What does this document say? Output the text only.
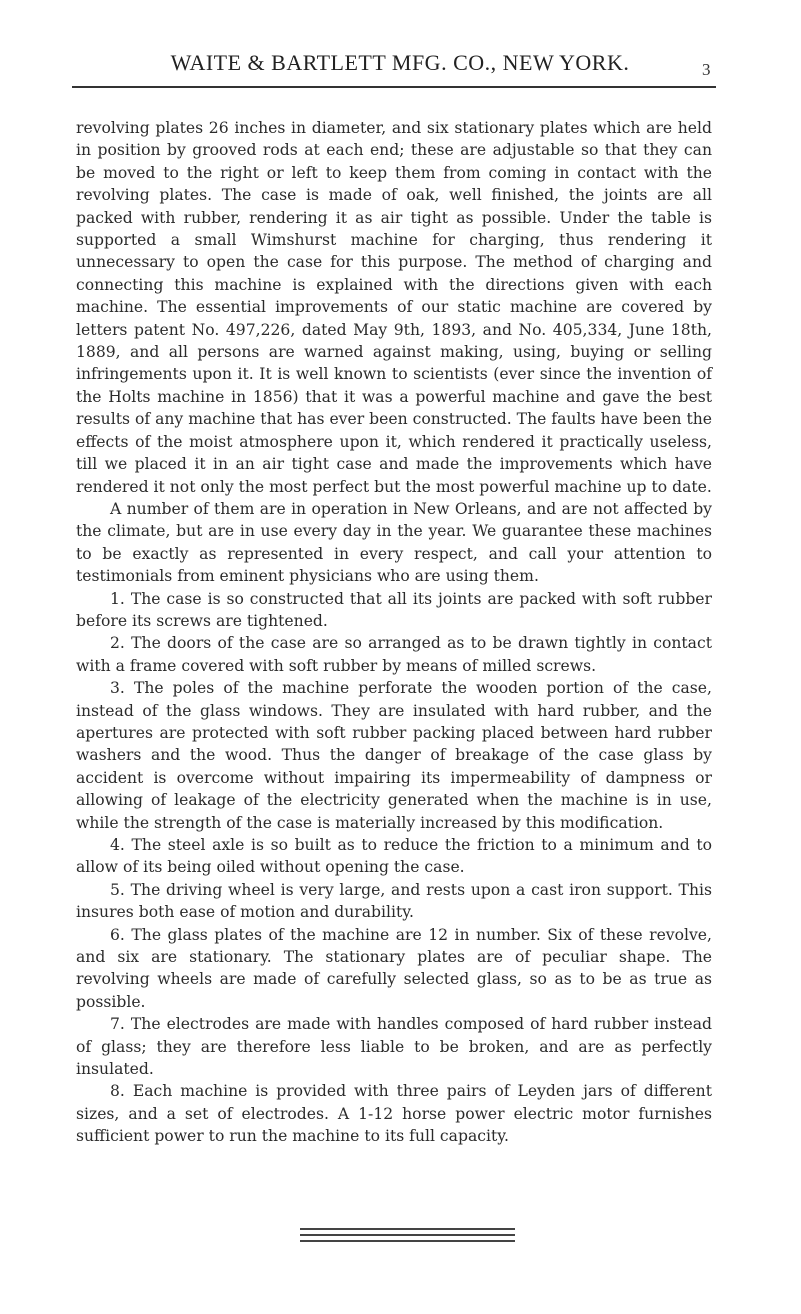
WAITE & BARTLETT MFG. CO., NEW YORK.	3

revolving plates 26 inches in diameter, and six stationary plates which are held in position by grooved rods at each end; these are adjustable so that they can be moved to the right or left to keep them from coming in contact with the revolving plates. The case is made of oak, well finished, the joints are all packed with rubber, rendering it as air tight as possible. Under the table is supported a small Wimshurst machine for charging, thus rendering it unnecessary to open the case for this purpose. The method of charging and connecting this machine is explained with the directions given with each machine. The essential improvements of our static machine are covered by letters patent No. 497,226, dated May 9th, 1893, and No. 405,334, June 18th, 1889, and all persons are warned against making, using, buying or selling infringements upon it. It is well known to scientists (ever since the invention of the Holts machine in 1856) that it was a powerful machine and gave the best results of any machine that has ever been constructed. The faults have been the effects of the moist atmosphere upon it, which rendered it practically useless, till we placed it in an air tight case and made the improvements which have rendered it not only the most perfect but the most powerful machine up to date.

A number of them are in operation in New Orleans, and are not affected by the climate, but are in use every day in the year. We guarantee these machines to be exactly as represented in every respect, and call your attention to testimonials from eminent physicians who are using them.

1. The case is so constructed that all its joints are packed with soft rubber before its screws are tightened.

2. The doors of the case are so arranged as to be drawn tightly in contact with a frame covered with soft rubber by means of milled screws.

3. The poles of the machine perforate the wooden portion of the case, instead of the glass windows. They are insulated with hard rubber, and the apertures are protected with soft rubber packing placed between hard rubber washers and the wood. Thus the danger of breakage of the case glass by accident is overcome without impairing its impermeability of dampness or allowing of leakage of the electricity generated when the machine is in use, while the strength of the case is materially increased by this modification.

4. The steel axle is so built as to reduce the friction to a minimum and to allow of its being oiled without opening the case.

5. The driving wheel is very large, and rests upon a cast iron support. This insures both ease of motion and durability.

6. The glass plates of the machine are 12 in number. Six of these revolve, and six are stationary. The stationary plates are of peculiar shape. The revolving wheels are made of carefully selected glass, so as to be as true as possible.

7. The electrodes are made with handles composed of hard rubber instead of glass; they are therefore less liable to be broken, and are as perfectly insulated.

8. Each machine is provided with three pairs of Leyden jars of different sizes, and a set of electrodes. A 1-12 horse power electric motor furnishes sufficient power to run the machine to its full capacity.
